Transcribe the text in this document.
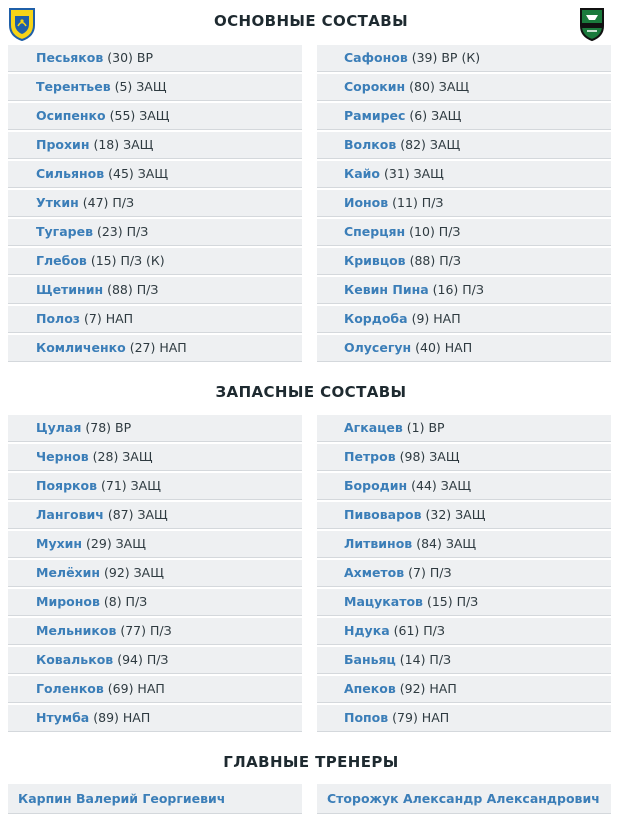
ОСНОВНЫЕ СОСТАВЫ
Песьяков (30) ВР
Терентьев (5) ЗАЩ
Осипенко (55) ЗАЩ
Прохин (18) ЗАЩ
Сильянов (45) ЗАЩ
Уткин (47) П/З
Тугарев (23) П/З
Глебов (15) П/З (К)
Щетинин (88) П/З
Полоз (7) НАП
Комличенко (27) НАП
Сафонов (39) ВР (К)
Сорокин (80) ЗАЩ
Рамирес (6) ЗАЩ
Волков (82) ЗАЩ
Кайо (31) ЗАЩ
Ионов (11) П/З
Сперцян (10) П/З
Кривцов (88) П/З
Кевин Пина (16) П/З
Кордоба (9) НАП
Олусегун (40) НАП
ЗАПАСНЫЕ СОСТАВЫ
Цулая (78) ВР
Чернов (28) ЗАЩ
Поярков (71) ЗАЩ
Лангович (87) ЗАЩ
Мухин (29) ЗАЩ
Мелёхин (92) ЗАЩ
Миронов (8) П/З
Мельников (77) П/З
Ковальков (94) П/З
Голенков (69) НАП
Нтумба (89) НАП
Агкацев (1) ВР
Петров (98) ЗАЩ
Бородин (44) ЗАЩ
Пивоваров (32) ЗАЩ
Литвинов (84) ЗАЩ
Ахметов (7) П/З
Мацукатов (15) П/З
Ндука (61) П/З
Баньяц (14) П/З
Апеков (92) НАП
Попов (79) НАП
ГЛАВНЫЕ ТРЕНЕРЫ
Карпин Валерий Георгиевич	Сторожук Александр Александрович
